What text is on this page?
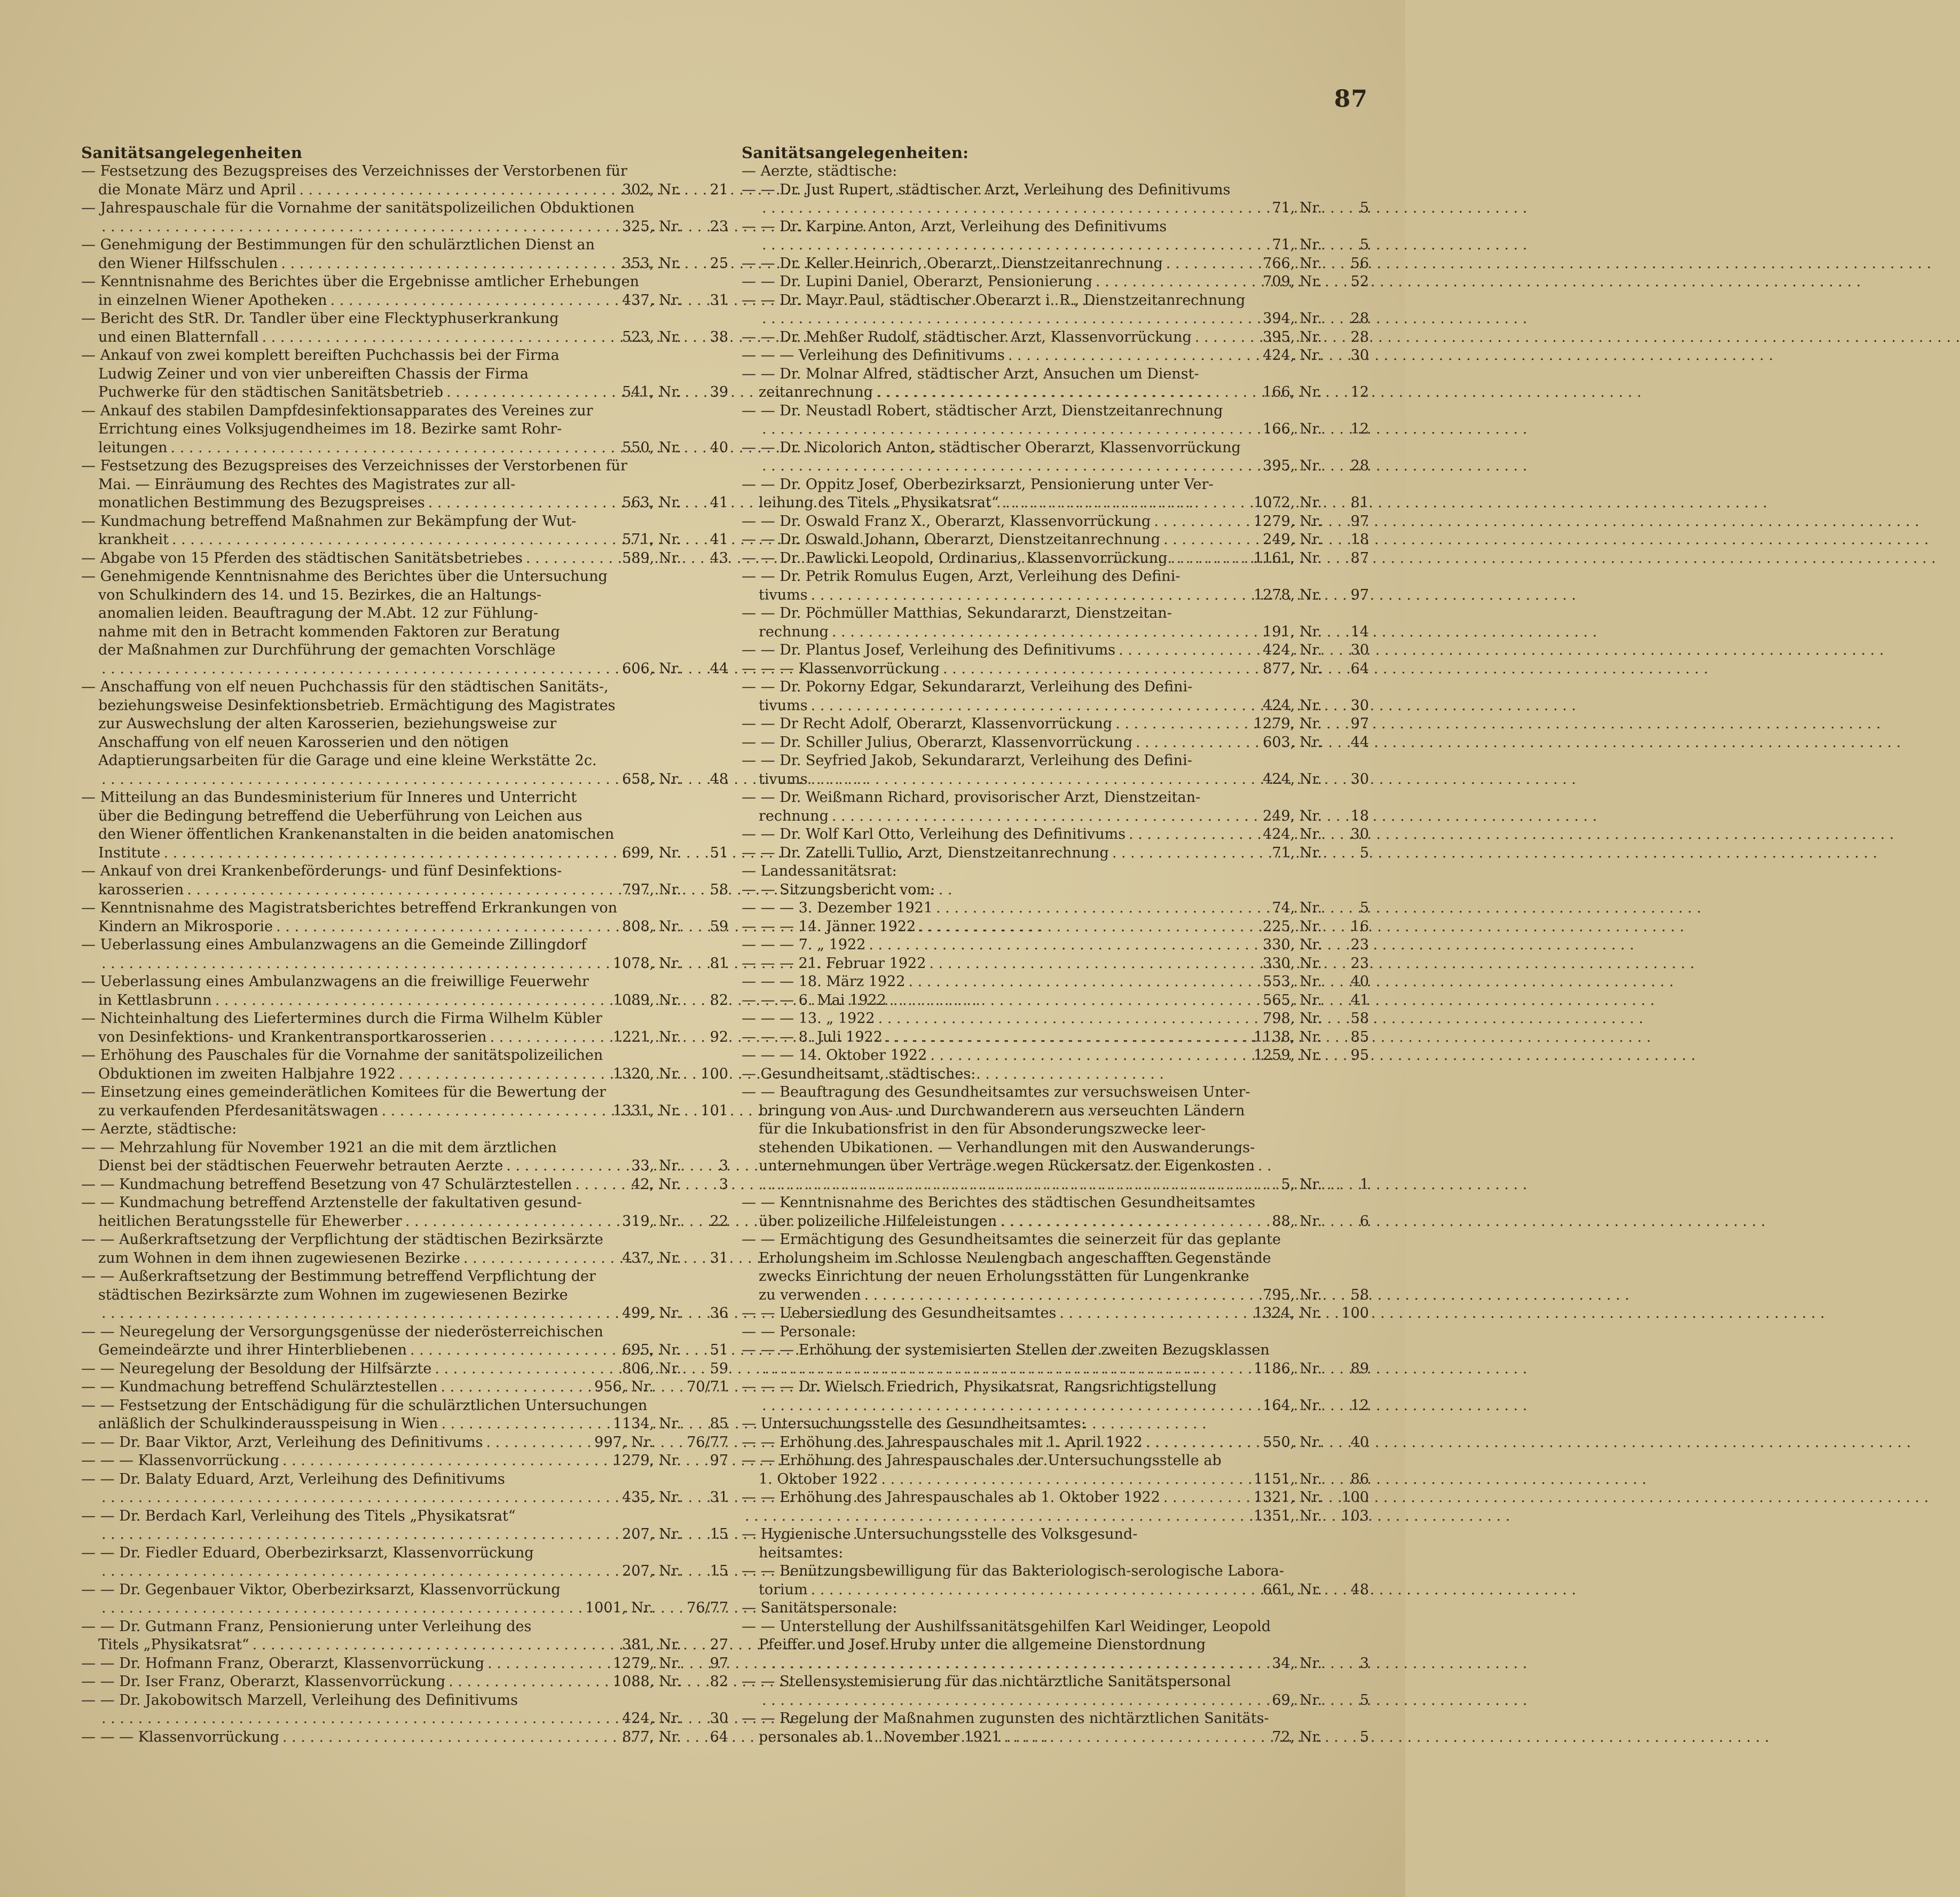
87
Sanitätsangelegenheiten
— Festsetzung des Bezugspreises des Verzeichnisses der Verstorbenen für
die Monate März und April . . .	302, Nr.	21
— Jahrespauschale für die Vornahme der sanitätspolizeilichen Obduktionen
. . .
325, Nr.	23
— Genehmigung der Bestimmungen für den schulärztlichen Dienst an
den Wiener Hilfsschulen . . .	353, Nr.	25
— Kenntnisnahme des Berichtes über die Ergebnisse amtlicher Erhebungen
in einzelnen Wiener Apotheken . . .	437, Nr.	31
— Bericht des StR. Dr. Tandler über eine Flecktyphuserkrankung
und einen Blatternfall . . .	523, Nr.	38
— Ankauf von zwei komplett bereiften Puchchassis bei der Firma
Ludwig Zeiner und von vier unbereiften Chassis der Firma
Puchwerke für den städtischen Sanitätsbetrieb . . .	541, Nr.	39
— Ankauf des stabilen Dampfdesinfektionsapparates des Vereines zur
Errichtung eines Volksjugendheimes im 18. Bezirke samt Rohr-
leitungen . . .	550, Nr.	40
— Festsetzung des Bezugspreises des Verzeichnisses der Verstorbenen für
Mai. — Einräumung des Rechtes des Magistrates zur all-
monatlichen Bestimmung des Bezugspreises . . .	563, Nr.	41
— Kundmachung betreffend Maßnahmen zur Bekämpfung der Wut-
krankheit . . .	571, Nr.	41
— Abgabe von 15 Pferden des städtischen Sanitätsbetriebes . . .	589, Nr.	43
— Genehmigende Kenntnisnahme des Berichtes über die Untersuchung
von Schulkindern des 14. und 15. Bezirkes, die an Haltungs-
anomalien leiden. Beauftragung der M.Abt. 12 zur Fühlung-
nahme mit den in Betracht kommenden Faktoren zur Beratung
der Maßnahmen zur Durchführung der gemachten Vorschläge
. . .
606, Nr.	44
— Anschaffung von elf neuen Puchchassis für den städtischen Sanitäts-,
beziehungsweise Desinfektionsbetrieb. Ermächtigung des Magistrates
zur Auswechslung der alten Karosserien, beziehungsweise zur
Anschaffung von elf neuen Karosserien und den nötigen
Adaptierungsarbeiten für die Garage und eine kleine Werkstätte 2c.
. . .
658, Nr.	48
— Mitteilung an das Bundesministerium für Inneres und Unterricht
über die Bedingung betreffend die Ueberführung von Leichen aus
den Wiener öffentlichen Krankenanstalten in die beiden anatomischen
Institute . . .	699, Nr.	51
— Ankauf von drei Krankenbeförderungs- und fünf Desinfektions-
karosserien . . .	797, Nr.	58
— Kenntnisnahme des Magistratsberichtes betreffend Erkrankungen von
Kindern an Mikrosporie . . .	808, Nr.	59
— Ueberlassung eines Ambulanzwagens an die Gemeinde Zillingdorf
. . .
1078, Nr.	81
— Ueberlassung eines Ambulanzwagens an die freiwillige Feuerwehr
in Kettlasbrunn . . .	1089, Nr.	82
— Nichteinhaltung des Liefertermines durch die Firma Wilhelm Kübler
von Desinfektions- und Krankentransportkarosserien . . .	1221, Nr.	92
— Erhöhung des Pauschales für die Vornahme der sanitätspolizeilichen
Obduktionen im zweiten Halbjahre 1922 . . .	1320, Nr.	100
— Einsetzung eines gemeinderätlichen Komitees für die Bewertung der
zu verkaufenden Pferdesanitätswagen . . .	1331, Nr.	101
— Aerzte, städtische:
— — Mehrzahlung für November 1921 an die mit dem ärztlichen
Dienst bei der städtischen Feuerwehr betrauten Aerzte . . .	33, Nr.	3
— — Kundmachung betreffend Besetzung von 47 Schulärztestellen . . .	42, Nr.	3
— — Kundmachung betreffend Arztenstelle der fakultativen gesund-
heitlichen Beratungsstelle für Ehewerber . . .	319, Nr.	22
— — Außerkraftsetzung der Verpflichtung der städtischen Bezirksärzte
zum Wohnen in dem ihnen zugewiesenen Bezirke . . .	437, Nr.	31
— — Außerkraftsetzung der Bestimmung betreffend Verpflichtung der
städtischen Bezirksärzte zum Wohnen im zugewiesenen Bezirke
. . .
499, Nr.	36
— — Neuregelung der Versorgungsgenüsse der niederösterreichischen
Gemeindeärzte und ihrer Hinterbliebenen . . .	695, Nr.	51
— — Neuregelung der Besoldung der Hilfsärzte . . .	806, Nr.	59
— — Kundmachung betreffend Schulärztestellen . . .	956, Nr.	70/71
— — Festsetzung der Entschädigung für die schulärztlichen Untersuchungen
anläßlich der Schulkinderausspeisung in Wien . . .	1134, Nr.	85
— — Dr. Baar Viktor, Arzt, Verleihung des Definitivums . . .	997, Nr.	76/77
— — — Klassenvorrückung . . .	1279, Nr.	97
— — Dr. Balaty Eduard, Arzt, Verleihung des Definitivums
. . .
435, Nr.	31
— — Dr. Berdach Karl, Verleihung des Titels „Physikatsrat“
. . .
207, Nr.	15
— — Dr. Fiedler Eduard, Oberbezirksarzt, Klassenvorrückung
. . .
207, Nr.	15
— — Dr. Gegenbauer Viktor, Oberbezirksarzt, Klassenvorrückung
. . .
1001, Nr.	76/77
— — Dr. Gutmann Franz, Pensionierung unter Verleihung des
Titels „Physikatsrat“ . . .	381, Nr.	27
— — Dr. Hofmann Franz, Oberarzt, Klassenvorrückung . . .	1279, Nr.	97
— — Dr. Iser Franz, Oberarzt, Klassenvorrückung . . .	1088, Nr.	82
— — Dr. Jakobowitsch Marzell, Verleihung des Definitivums
. . .
424, Nr.	30
— — — Klassenvorrückung . . .	877, Nr.	64
Sanitätsangelegenheiten:
— Aerzte, städtische:
— — Dr. Just Rupert, städtischer Arzt, Verleihung des Definitivums
. . .
71, Nr.	5
— — Dr. Karpine Anton, Arzt, Verleihung des Definitivums
. . .
71, Nr.	5
— — Dr. Keller Heinrich, Oberarzt, Dienstzeitanrechnung . . .	766, Nr.	56
— — Dr. Lupini Daniel, Oberarzt, Pensionierung . . .	709, Nr.	52
— — Dr. Mayr Paul, städtischer Oberarzt i. R., Dienstzeitanrechnung
. . .
394, Nr.	28
— — Dr. Mehßer Rudolf, städtischer Arzt, Klassenvorrückung . . .	395, Nr.	28
— — — Verleihung des Definitivums . . .	424, Nr.	30
— — Dr. Molnar Alfred, städtischer Arzt, Ansuchen um Dienst-
zeitanrechnung . . .	166, Nr.	12
— — Dr. Neustadl Robert, städtischer Arzt, Dienstzeitanrechnung
. . .
166, Nr.	12
— — Dr. Nicolorich Anton, städtischer Oberarzt, Klassenvorrückung
. . .
395, Nr.	28
— — Dr. Oppitz Josef, Oberbezirksarzt, Pensionierung unter Ver-
leihung des Titels „Physikatsrat“ . . .	1072, Nr.	81
— — Dr. Oswald Franz X., Oberarzt, Klassenvorrückung . . .	1279, Nr.	97
— — Dr. Oswald Johann, Oberarzt, Dienstzeitanrechnung . . .	249, Nr.	18
— — Dr. Pawlicki Leopold, Ordinarius, Klassenvorrückung . . .	1161, Nr.	87
— — Dr. Petrik Romulus Eugen, Arzt, Verleihung des Defini-
tivums . . .	1278, Nr.	97
— — Dr. Pöchmüller Matthias, Sekundararzt, Dienstzeitan-
rechnung . . .	191, Nr.	14
— — Dr. Plantus Josef, Verleihung des Definitivums . . .	424, Nr.	30
— — — Klassenvorrückung . . .	877, Nr.	64
— — Dr. Pokorny Edgar, Sekundararzt, Verleihung des Defini-
tivums . . .	424, Nr.	30
— — Dr Recht Adolf, Oberarzt, Klassenvorrückung . . .	1279, Nr.	97
— — Dr. Schiller Julius, Oberarzt, Klassenvorrückung . . .	603, Nr.	44
— — Dr. Seyfried Jakob, Sekundararzt, Verleihung des Defini-
tivums . . .	424, Nr.	30
— — Dr. Weißmann Richard, provisorischer Arzt, Dienstzeitan-
rechnung . . .	249, Nr.	18
— — Dr. Wolf Karl Otto, Verleihung des Definitivums . . .	424, Nr.	30
— — Dr. Zatelli Tullio, Arzt, Dienstzeitanrechnung . . .	71, Nr.	5
— Landessanitätsrat:
— — Sitzungsbericht vom:
— — — 3. Dezember 1921 . . .	74, Nr.	5
— — — 14. Jänner 1922 . . .	225, Nr.	16
— — — 7. „ 1922 . . .	330, Nr.	23
— — — 21. Februar 1922 . . .	330, Nr.	23
— — — 18. März 1922 . . .	553, Nr.	40
— — — 6. Mai 1922 . . .	565, Nr.	41
— — — 13. „ 1922 . . .	798, Nr.	58
— — — 8. Juli 1922 . . .	1138, Nr.	85
— — — 14. Oktober 1922 . . .	1259, Nr.	95
— Gesundheitsamt, städtisches:
— — Beauftragung des Gesundheitsamtes zur versuchsweisen Unter-
bringung von Aus- und Durchwanderern aus verseuchten Ländern
für die Inkubationsfrist in den für Absonderungszwecke leer-
stehenden Ubikationen. — Verhandlungen mit den Auswanderungs-
unternehmungen über Verträge wegen Rückersatz der Eigenkosten
. . .
5, Nr.	1
— — Kenntnisnahme des Berichtes des städtischen Gesundheitsamtes
über polizeiliche Hilfeleistungen . . .	88, Nr.	6
— — Ermächtigung des Gesundheitsamtes die seinerzeit für das geplante
Erholungsheim im Schlosse Neulengbach angeschafften Gegenstände
zwecks Einrichtung der neuen Erholungsstätten für Lungenkranke
zu verwenden . . .	795, Nr.	58
— — Uebersiedlung des Gesundheitsamtes . . .	1324, Nr.	100
— — Personale:
— — — Erhöhung der systemisierten Stellen der zweiten Bezugsklassen
. . .
1186, Nr.	89
— — — Dr. Wielsch Friedrich, Physikatsrat, Rangsrichtigstellung
. . .
164, Nr.	12
— Untersuchungsstelle des Gesundheitsamtes:
— — Erhöhung des Jahrespauschales mit 1. April 1922 . . .	550, Nr.	40
— — Erhöhung des Jahrespauschales der Untersuchungsstelle ab
1. Oktober 1922 . . .	1151, Nr.	86
— — Erhöhung des Jahrespauschales ab 1. Oktober 1922 . . .	1321, Nr.	100
. . .
1351, Nr.	103
— Hygienische Untersuchungsstelle des Volksgesund-
heitsamtes:
— — Benützungsbewilligung für das Bakteriologisch-serologische Labora-
torium . . .	661, Nr.	48
— Sanitätspersonale:
— — Unterstellung der Aushilfssanitätsgehilfen Karl Weidinger, Leopold
Pfeiffer und Josef Hruby unter die allgemeine Dienstordnung
. . .
34, Nr.	3
— — Stellensystemisierung für das nichtärztliche Sanitätspersonal
. . .
69, Nr.	5
— — Regelung der Maßnahmen zugunsten des nichtärztlichen Sanitäts-
personales ab 1. November 1921 . . .	72, Nr.	5
